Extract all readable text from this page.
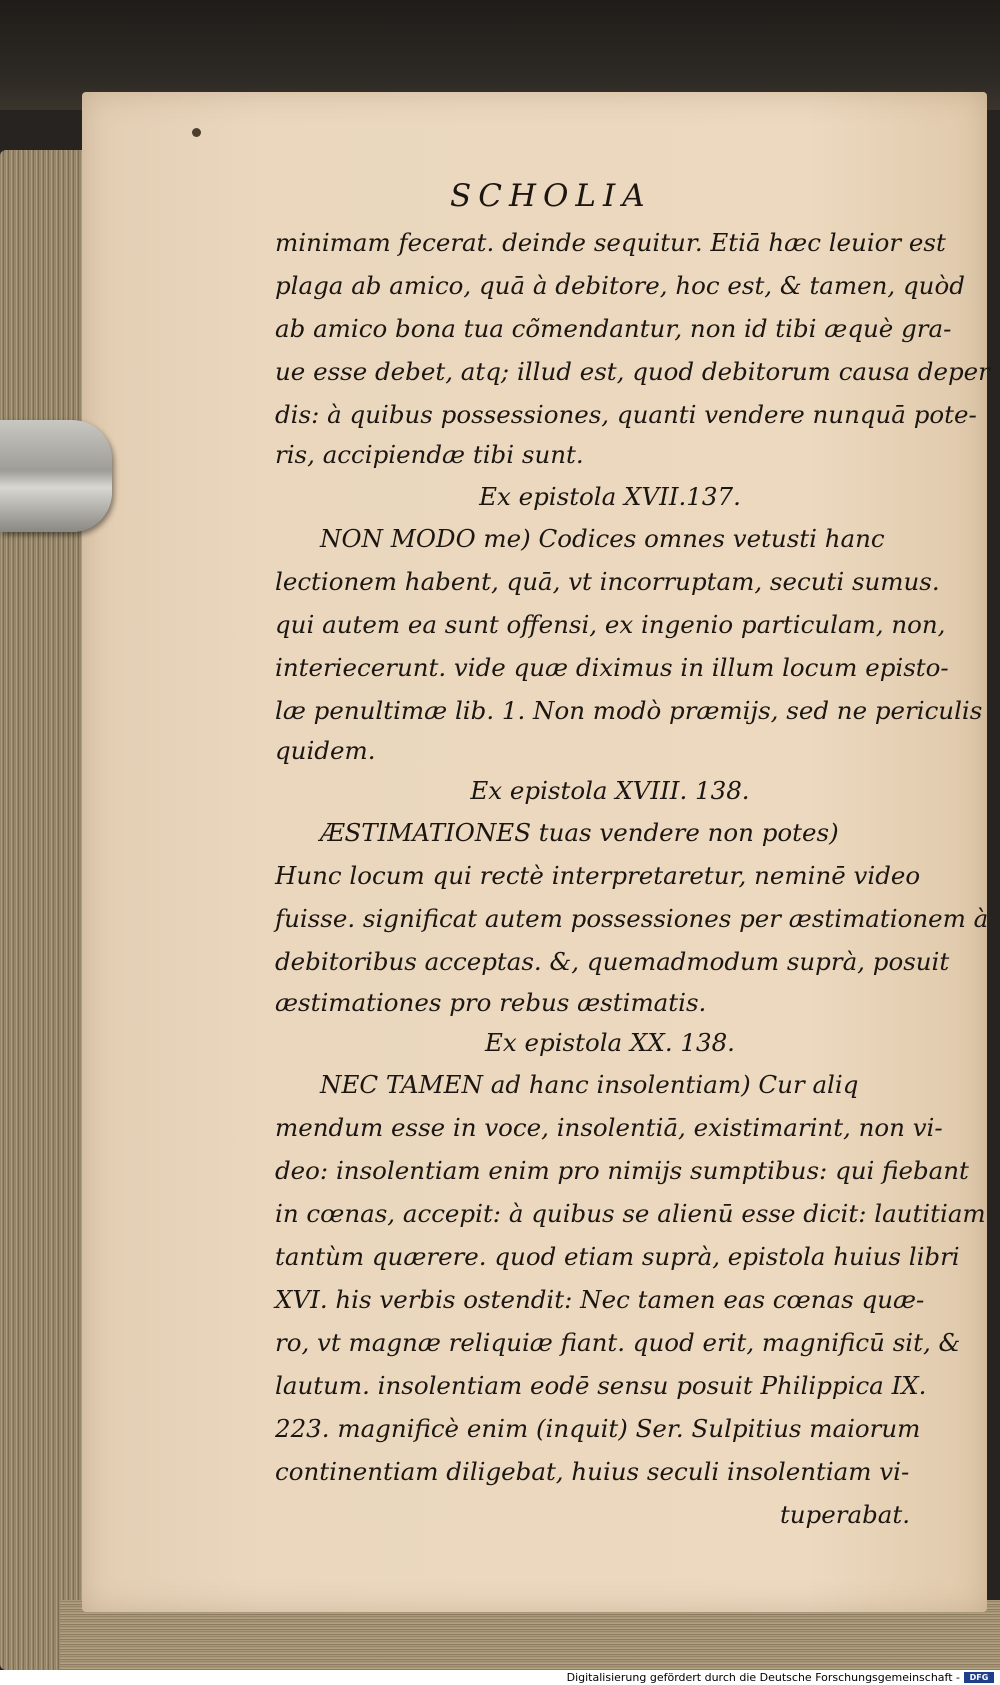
SCHOLIA
minimam fecerat. deinde sequitur. Etiā hæc leuior est
plaga ab amico, quā à debitore, hoc est, & tamen, quòd
ab amico bona tua cõmendantur, non id tibi æquè gra-
ue esse debet, atq; illud est, quod debitorum causa deper
dis: à quibus possessiones, quanti vendere nunquā pote-
ris, accipiendæ tibi sunt.
Ex epistola XVII.137.
NON MODO me) Codices omnes vetusti hanc
lectionem habent, quā, vt incorruptam, secuti sumus.
qui autem ea sunt offensi, ex ingenio particulam, non,
interiecerunt. vide quæ diximus in illum locum episto-
læ penultimæ lib. 1. Non modò præmijs, sed ne periculis
quidem.
Ex epistola XVIII. 138.
ÆSTIMATIONES tuas vendere non potes)
Hunc locum qui rectè interpretaretur, neminē video
fuisse. significat autem possessiones per æstimationem à
debitoribus acceptas. &, quemadmodum suprà, posuit
æstimationes pro rebus æstimatis.
Ex epistola XX. 138.
NEC TAMEN ad hanc insolentiam) Cur aliq
mendum esse in voce, insolentiā, existimarint, non vi-
deo: insolentiam enim pro nimijs sumptibus: qui fiebant
in cœnas, accepit: à quibus se alienū esse dicit: lautitiam
tantùm quærere. quod etiam suprà, epistola huius libri
XVI. his verbis ostendit: Nec tamen eas cœnas quæ-
ro, vt magnæ reliquiæ fiant. quod erit, magnificū sit, &
lautum. insolentiam eodē sensu posuit Philippica IX.
223. magnificè enim (inquit) Ser. Sulpitius maiorum
continentiam diligebat, huius seculi insolentiam vi-
tuperabat.
Digitalisierung gefördert durch die Deutsche Forschungsgemeinschaft -	DFG
